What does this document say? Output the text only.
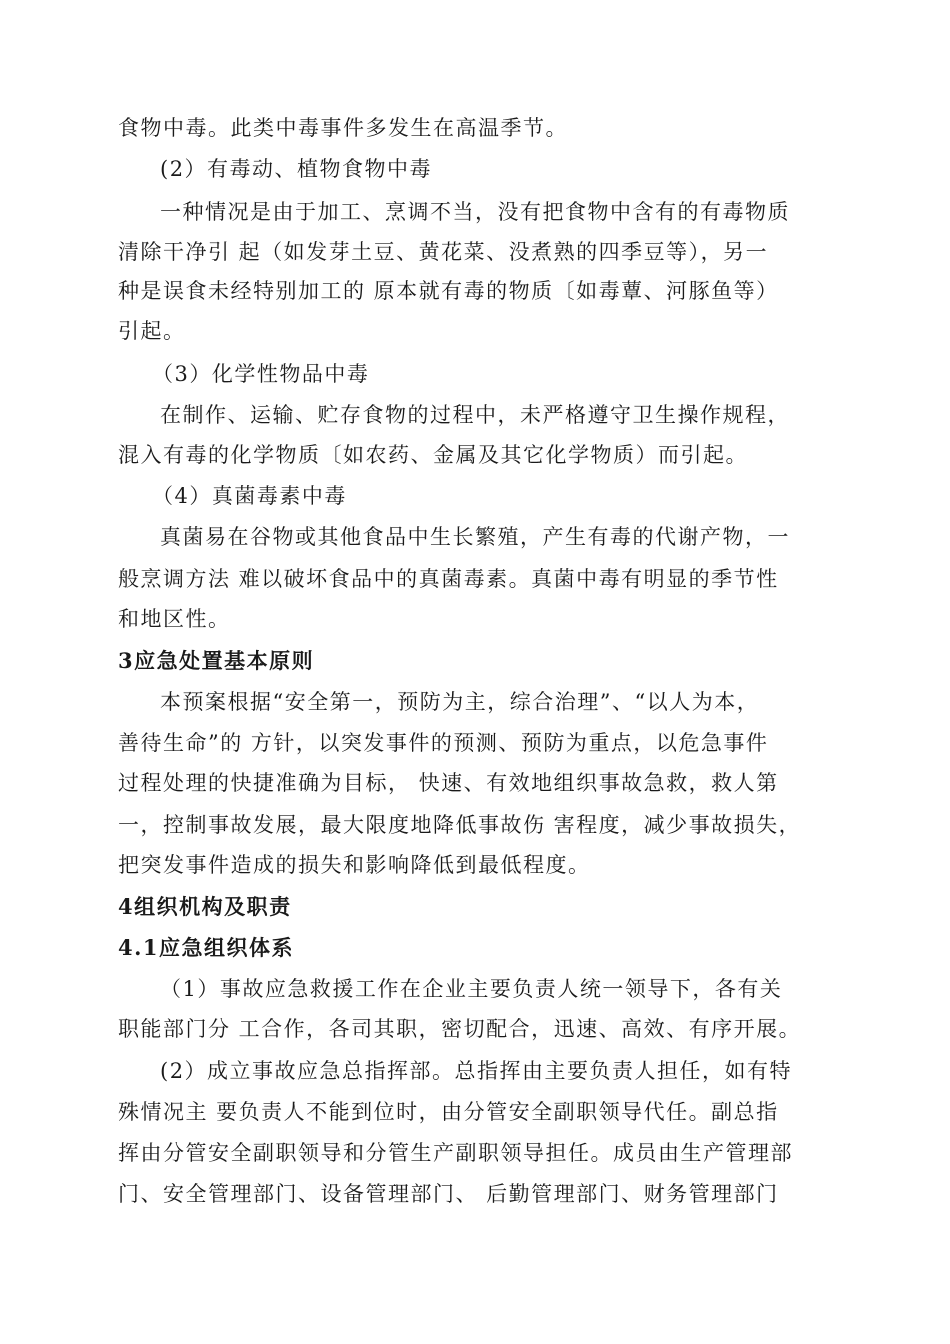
食物中毒。此类中毒事件多发生在高温季节。
(2）有毒动、植物食物中毒
一种情况是由于加工、烹调不当，没有把食物中含有的有毒物质
清除干净引 起（如发芽土豆、黄花菜、没煮熟的四季豆等），另一
种是误食未经特别加工的 原本就有毒的物质〔如毒蕈、河豚鱼等）
引起。
（3）化学性物品中毒
在制作、运输、贮存食物的过程中，未严格遵守卫生操作规程，
混入有毒的化学物质〔如农药、金属及其它化学物质）而引起。
（4）真菌毒素中毒
真菌易在谷物或其他食品中生长繁殖，产生有毒的代谢产物，一
般烹调方法 难以破坏食品中的真菌毒素。真菌中毒有明显的季节性
和地区性。
3应急处置基本原则
本预案根据“安全第一，预防为主，综合治理”、“以人为本，
善待生命”的 方针，以突发事件的预测、预防为重点，以危急事件
过程处理的快捷准确为目标， 快速、有效地组织事故急救，救人第
一，控制事故发展，最大限度地降低事故伤 害程度，减少事故损失，
把突发事件造成的损失和影响降低到最低程度。
4组织机构及职责
4.1应急组织体系
（1）事故应急救援工作在企业主要负责人统一领导下，各有关
职能部门分 工合作，各司其职，密切配合，迅速、高效、有序开展。
(2）成立事故应急总指挥部。总指挥由主要负责人担任，如有特
殊情况主 要负责人不能到位时，由分管安全副职领导代任。副总指
挥由分管安全副职领导和分管生产副职领导担任。成员由生产管理部
门、安全管理部门、设备管理部门、 后勤管理部门、财务管理部门
